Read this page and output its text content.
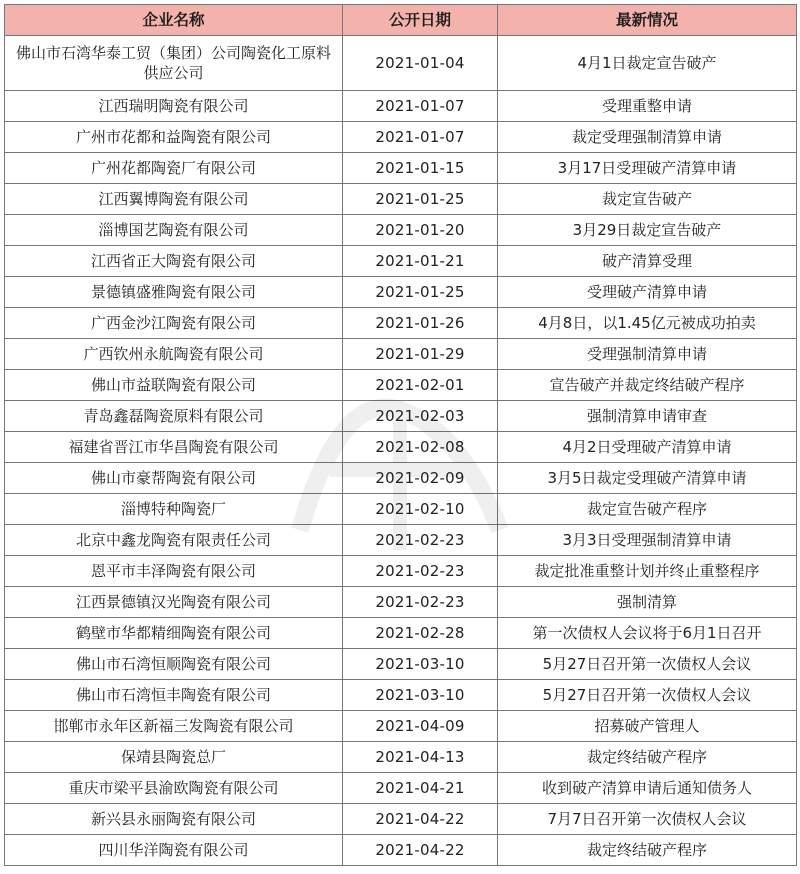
企业名称	公开日期	最新情况
佛山市石湾华泰工贸（集团）公司陶瓷化工原料供应公司	2021-01-04	4月1日裁定宣告破产
江西瑞明陶瓷有限公司	2021-01-07	受理重整申请
广州市花都和益陶瓷有限公司	2021-01-07	裁定受理强制清算申请
广州花都陶瓷厂有限公司	2021-01-15	3月17日受理破产清算申请
江西翼博陶瓷有限公司	2021-01-25	裁定宣告破产
淄博国艺陶瓷有限公司	2021-01-20	3月29日裁定宣告破产
江西省正大陶瓷有限公司	2021-01-21	破产清算受理
景德镇盛雅陶瓷有限公司	2021-01-25	受理破产清算申请
广西金沙江陶瓷有限公司	2021-01-26	4月8日，以1.45亿元被成功拍卖
广西钦州永航陶瓷有限公司	2021-01-29	受理强制清算申请
佛山市益联陶瓷有限公司	2021-02-01	宣告破产并裁定终结破产程序
青岛鑫磊陶瓷原料有限公司	2021-02-03	强制清算申请审查
福建省晋江市华昌陶瓷有限公司	2021-02-08	4月2日受理破产清算申请
佛山市豪帮陶瓷有限公司	2021-02-09	3月5日裁定受理破产清算申请
淄博特种陶瓷厂	2021-02-10	裁定宣告破产程序
北京中鑫龙陶瓷有限责任公司	2021-02-23	3月3日受理强制清算申请
恩平市丰泽陶瓷有限公司	2021-02-23	裁定批准重整计划并终止重整程序
江西景德镇汉光陶瓷有限公司	2021-02-23	强制清算
鹤壁市华都精细陶瓷有限公司	2021-02-28	第一次债权人会议将于6月1日召开
佛山市石湾恒顺陶瓷有限公司	2021-03-10	5月27日召开第一次债权人会议
佛山市石湾恒丰陶瓷有限公司	2021-03-10	5月27日召开第一次债权人会议
邯郸市永年区新福三发陶瓷有限公司	2021-04-09	招募破产管理人
保靖县陶瓷总厂	2021-04-13	裁定终结破产程序
重庆市梁平县渝欧陶瓷有限公司	2021-04-21	收到破产清算申请后通知债务人
新兴县永丽陶瓷有限公司	2021-04-22	7月7日召开第一次债权人会议
四川华洋陶瓷有限公司	2021-04-22	裁定终结破产程序
